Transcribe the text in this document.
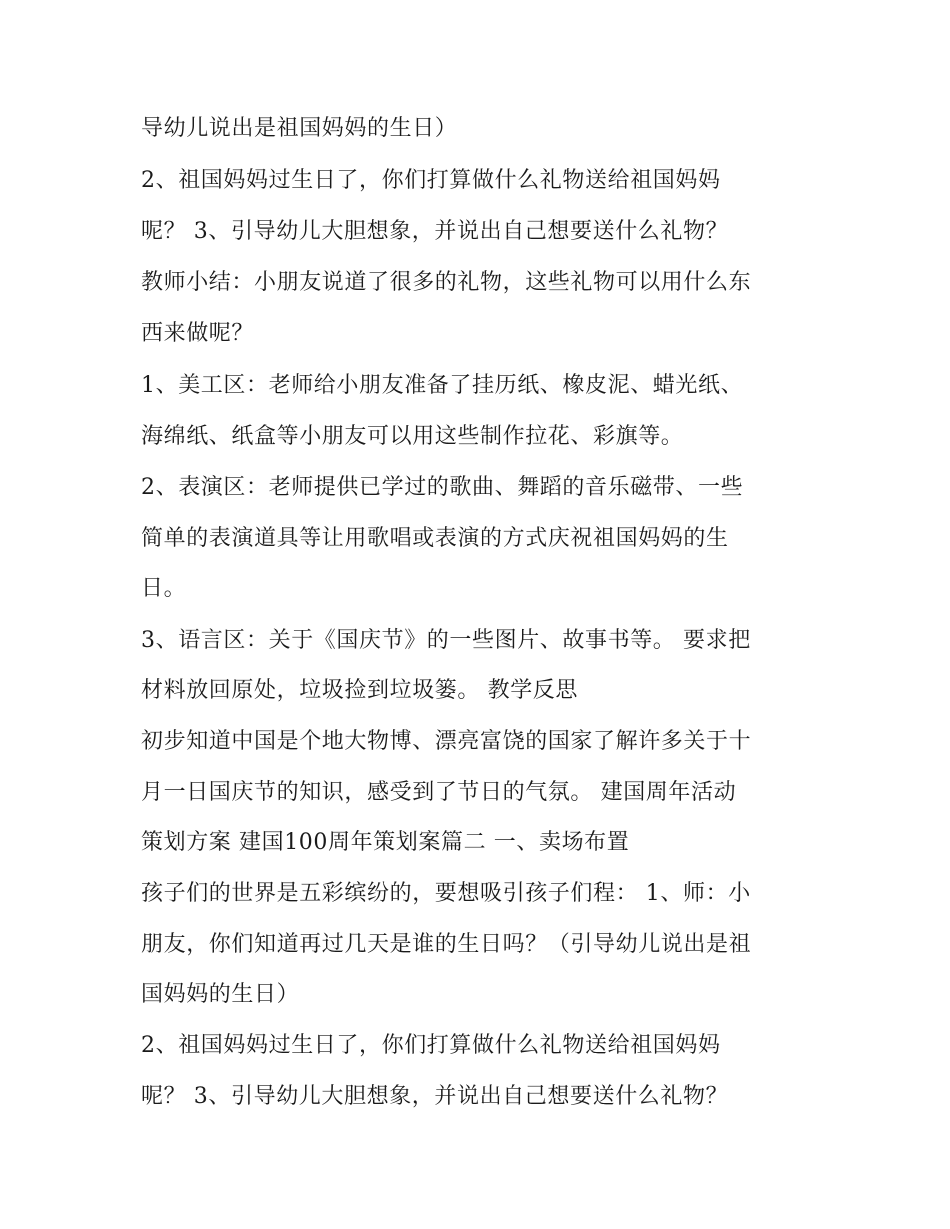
导幼儿说出是祖国妈妈的生日）
2、祖国妈妈过生日了，你们打算做什么礼物送给祖国妈妈
呢？ 3、引导幼儿大胆想象，并说出自己想要送什么礼物？
教师小结：小朋友说道了很多的礼物，这些礼物可以用什么东
西来做呢？
1、美工区：老师给小朋友准备了挂历纸、橡皮泥、蜡光纸、
海绵纸、纸盒等小朋友可以用这些制作拉花、彩旗等。
2、表演区：老师提供已学过的歌曲、舞蹈的音乐磁带、一些
简单的表演道具等让用歌唱或表演的方式庆祝祖国妈妈的生
日。
3、语言区：关于《国庆节》的一些图片、故事书等。 要求把
材料放回原处，垃圾捡到垃圾篓。 教学反思
初步知道中国是个地大物博、漂亮富饶的国家了解许多关于十
月一日国庆节的知识，感受到了节日的气氛。 建国周年活动
策划方案 建国100周年策划案篇二 一、卖场布置
孩子们的世界是五彩缤纷的，要想吸引孩子们程： 1、师：小
朋友，你们知道再过几天是谁的生日吗？（引导幼儿说出是祖
国妈妈的生日）
2、祖国妈妈过生日了，你们打算做什么礼物送给祖国妈妈
呢？ 3、引导幼儿大胆想象，并说出自己想要送什么礼物？
